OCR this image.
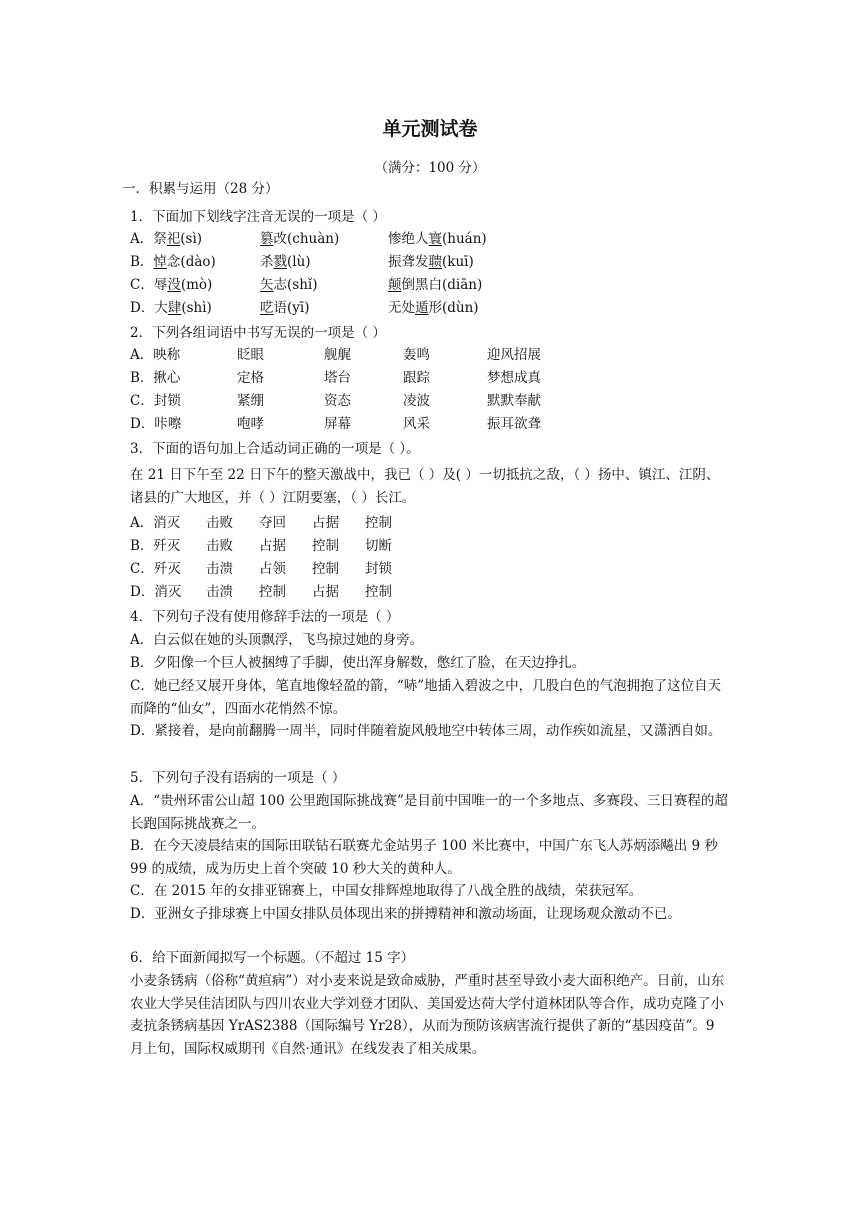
单元测试卷
（满分：100 分）
一．积累与运用（28 分）
1．下面加下划线字注音无误的一项是（ ）
A．祭祀(sì)	篡改(chuàn)	惨绝人寰(huán)
B．悼念(dào)	杀戮(lù)	振聋发聩(kuī)
C．辱没(mò)	矢志(shǐ)	颠倒黑白(diān)
D．大肆(shì)	呓语(yī)	无处遁形(dùn)
2．下列各组词语中书写无误的一项是（ ）
A．映称	眨眼	舰艉	轰鸣	迎风招展
B．揪心	定格	塔台	跟踪	梦想成真
C．封锁	紧绷	资态	凌波	默默奉献
D．咔嚓	咆哮	屏幕	风采	振耳欲聋
3．下面的语句加上合适动词正确的一项是（ ）。
在 21 日下午至 22 日下午的整天激战中，我已（ ）及( ）一切抵抗之敌，（ ）扬中、镇江、江阴、诸县的广大地区，并（ ）江阴要塞，（ ）长江。
A．消灭 击败 夺回 占据 控制
B．歼灭 击败 占据 控制 切断
C．歼灭 击溃 占领 控制 封锁
D．消灭 击溃 控制 占据 控制
4．下列句子没有使用修辞手法的一项是（ ）
A．白云似在她的头顶飘浮，飞鸟掠过她的身旁。
B．夕阳像一个巨人被捆缚了手脚，使出浑身解数，憋红了脸，在天边挣扎。
C．她已经又展开身体，笔直地像轻盈的箭，“哧”地插入碧波之中，几股白色的气泡拥抱了这位自天而降的“仙女”，四面水花悄然不惊。
D．紧接着，是向前翻腾一周半，同时伴随着旋风般地空中转体三周，动作疾如流星，又潇洒自如。
5．下列句子没有语病的一项是（ ）
A．“贵州环雷公山超 100 公里跑国际挑战赛”是目前中国唯一的一个多地点、多赛段、三日赛程的超长跑国际挑战赛之一。
B．在今天凌晨结束的国际田联钻石联赛尤金站男子 100 米比赛中，中国广东飞人苏炳添飚出 9 秒 99 的成绩，成为历史上首个突破 10 秒大关的黄种人。
C．在 2015 年的女排亚锦赛上，中国女排辉煌地取得了八战全胜的战绩，荣获冠军。
D．亚洲女子排球赛上中国女排队员体现出来的拼搏精神和激动场面，让现场观众激动不已。
6．给下面新闻拟写一个标题。（不超过 15 字）
小麦条锈病（俗称“黄疸病”）对小麦来说是致命威胁，严重时甚至导致小麦大面积绝产。日前，山东农业大学吴佳洁团队与四川农业大学刘登才团队、美国爱达荷大学付道林团队等合作，成功克隆了小麦抗条锈病基因 YrAS2388（国际编号 Yr28），从而为预防该病害流行提供了新的“基因疫苗”。9 月上旬，国际权威期刊《自然·通讯》在线发表了相关成果。
